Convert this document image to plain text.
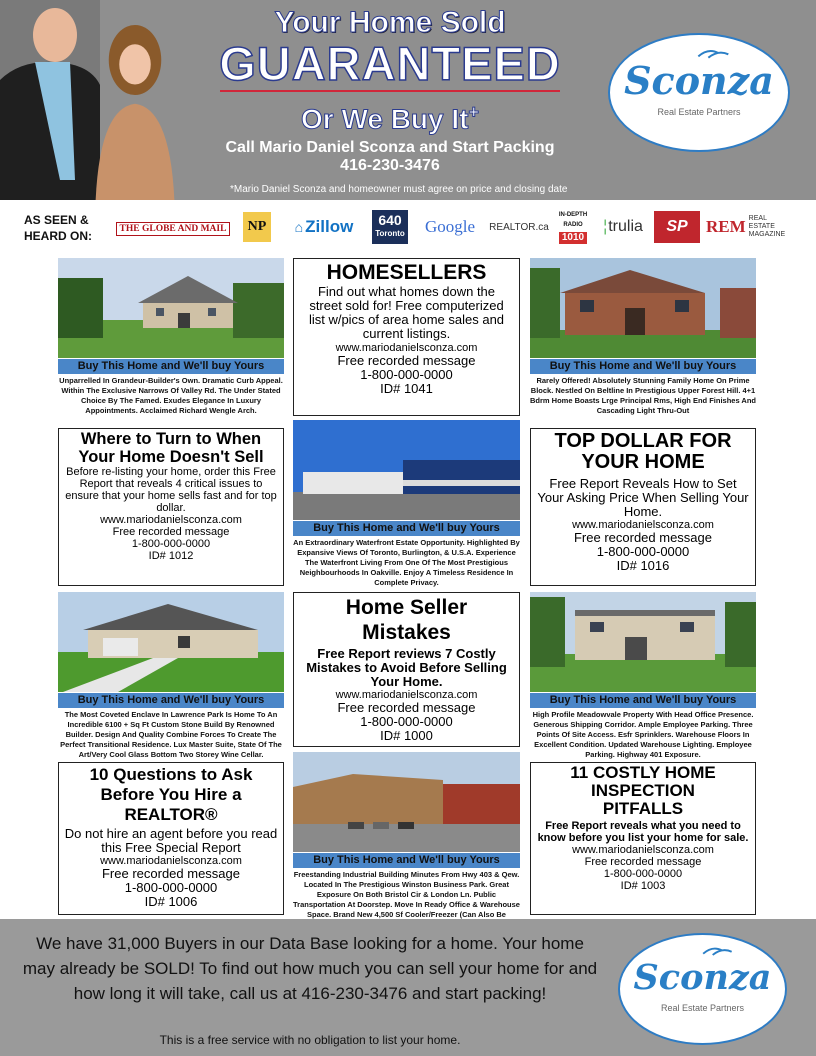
Your Home Sold
GUARANTEED
Or We Buy It+
Call Mario Daniel Sconza and Start Packing
416-230-3476
*Mario Daniel Sconza and homeowner must agree on price and closing date
Sconza
Real Estate Partners
AS SEEN &
HEARD ON:	THE GLOBE AND MAIL	NP	⌂ Zillow 640
Toronto Google	REALTOR.ca
IN-DEPTH RADIO
1010
¦ trulia	SP	REM REAL ESTATE MAGAZINE
Buy This Home and We'll buy Yours
Unparrelled In Grandeur-Builder's Own. Dramatic Curb Appeal. Within The Exclusive Narrows Of Valley Rd. The Under Stated Choice By The Famed. Exudes Elegance In Luxury Appointments. Acclaimed Richard Wengle Arch.
HOMESELLERS
Find out what homes down the street sold for! Free computerized list w/pics of area home sales and current listings.
www.mariodanielsconza.com
Free recorded message
1-800-000-0000
ID# 1041
Buy This Home and We'll buy Yours
Rarely Offered! Absolutely Stunning Family Home On Prime Block. Nestled On Beltline In Prestigious Upper Forest Hill. 4+1 Bdrm Home Boasts Lrge Principal Rms, High End Finishes And Cascading Light Thru-Out
Where to Turn to When Your Home Doesn't Sell
Before re-listing your home, order this Free Report that reveals 4 critical issues to ensure that your home sells fast and for top dollar.
www.mariodanielsconza.com
Free recorded message
1-800-000-0000
ID# 1012
Buy This Home and We'll buy Yours
An Extraordinary Waterfront Estate Opportunity. Highlighted By Expansive Views Of Toronto, Burlington, & U.S.A. Experience The Waterfront Living From One Of The Most Prestigious Neighbourhoods In Oakville. Enjoy A Timeless Residence In Complete Privacy.
TOP DOLLAR FOR YOUR HOME
Free Report Reveals How to Set Your Asking Price When Selling Your Home.
www.mariodanielsconza.com
Free recorded message
1-800-000-0000
ID# 1016
Buy This Home and We'll buy Yours
The Most Coveted Enclave In Lawrence Park Is Home To An Incredible 6100 + Sq Ft Custom Stone Build By Renowned Builder. Design And Quality Combine Forces To Create The Perfect Transitional Residence. Lux Master Suite, State Of The Art/Very Cool Glass Bottom Two Storey Wine Cellar.
Home Seller Mistakes
Free Report reviews 7 Costly Mistakes to Avoid Before Selling Your Home.
www.mariodanielsconza.com
Free recorded message
1-800-000-0000
ID# 1000
Buy This Home and We'll buy Yours
High Profile Meadowvale Property With Head Office Presence. Generous Shipping Corridor. Ample Employee Parking. Three Points Of Site Access. Esfr Sprinklers. Warehouse Floors In Excellent Condition. Updated Warehouse Lighting. Employee Parking. Highway 401 Exposure.
10 Questions to Ask Before You Hire a REALTOR®
Do not hire an agent before you read this Free Special Report
www.mariodanielsconza.com
Free recorded message
1-800-000-0000
ID# 1006
Buy This Home and We'll buy Yours
Freestanding Industrial Building Minutes From Hwy 403 & Qew. Located In The Prestigious Winston Business Park. Great Exposure On Both Bristol Cir & London Ln. Public Transportation At Doorstep. Move In Ready Office & Warehouse Space. Brand New 4,500 Sf Cooler/Freezer (Can Also Be
11 COSTLY HOME INSPECTION PITFALLS
Free Report reveals what you need to know before you list your home for sale.
www.mariodanielsconza.com
Free recorded message
1-800-000-0000
ID# 1003
We have 31,000 Buyers in our Data Base looking for a home. Your home may already be SOLD! To find out how much you can sell your home for and how long it will take, call us at 416-230-3476 and start packing!
This is a free service with no obligation to list your home.
Sconza
Real Estate Partners
